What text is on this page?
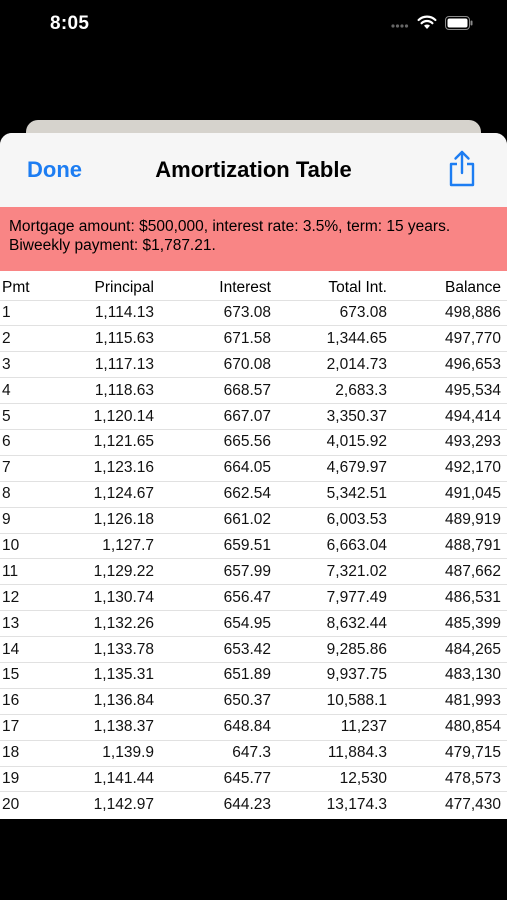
8:05
Done	Amortization Table
Mortgage amount: $500,000, interest rate: 3.5%, term: 15 years. Biweekly payment: $1,787.21.
Pmt	Principal	Interest	Total Int.	Balance
1	1,114.13	673.08	673.08	498,886
2	1,115.63	671.58	1,344.65	497,770
3	1,117.13	670.08	2,014.73	496,653
4	1,118.63	668.57	2,683.3	495,534
5	1,120.14	667.07	3,350.37	494,414
6	1,121.65	665.56	4,015.92	493,293
7	1,123.16	664.05	4,679.97	492,170
8	1,124.67	662.54	5,342.51	491,045
9	1,126.18	661.02	6,003.53	489,919
10	1,127.7	659.51	6,663.04	488,791
11	1,129.22	657.99	7,321.02	487,662
12	1,130.74	656.47	7,977.49	486,531
13	1,132.26	654.95	8,632.44	485,399
14	1,133.78	653.42	9,285.86	484,265
15	1,135.31	651.89	9,937.75	483,130
16	1,136.84	650.37	10,588.1	481,993
17	1,138.37	648.84	11,237	480,854
18	1,139.9	647.3	11,884.3	479,715
19	1,141.44	645.77	12,530	478,573
20	1,142.97	644.23	13,174.3	477,430
